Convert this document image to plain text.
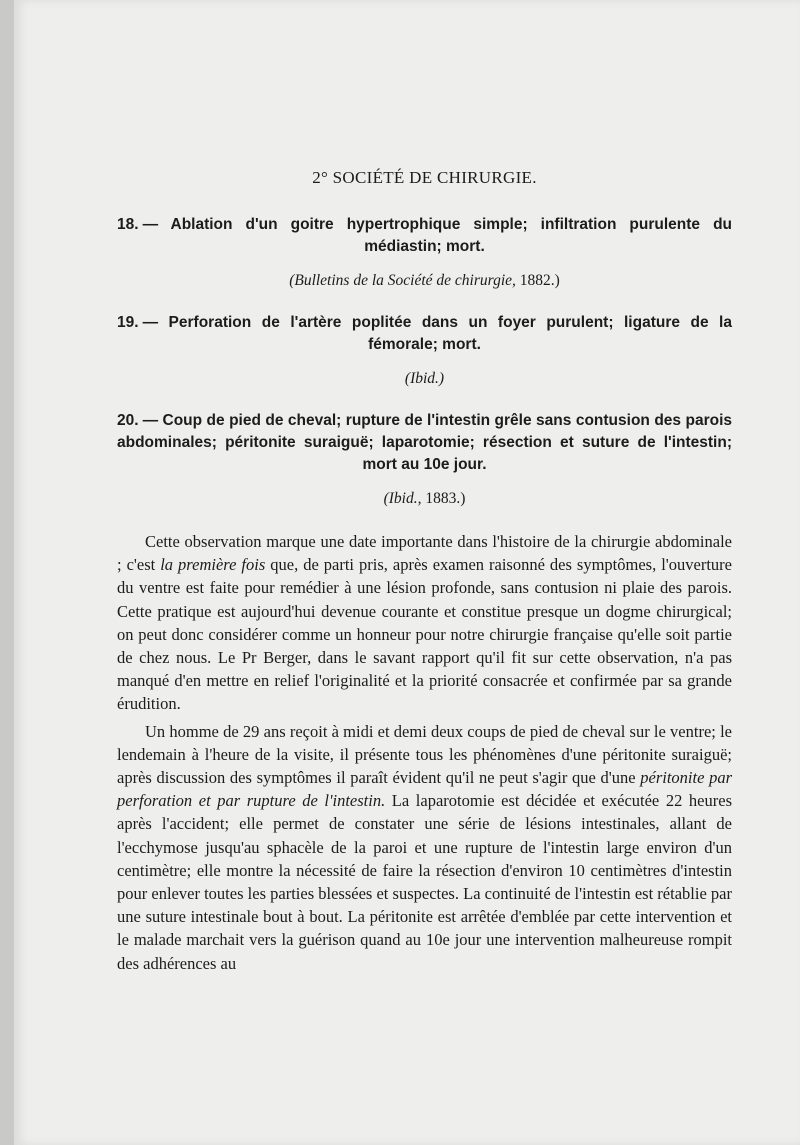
2° SOCIÉTÉ DE CHIRURGIE.
18. — Ablation d'un goitre hypertrophique simple; infiltration purulente du médiastin; mort.
(Bulletins de la Société de chirurgie, 1882.)
19. — Perforation de l'artère poplitée dans un foyer purulent; ligature de la fémorale; mort.
(Ibid.)
20. — Coup de pied de cheval; rupture de l'intestin grêle sans contusion des parois abdominales; péritonite suraiguë; laparotomie; résection et suture de l'intestin; mort au 10e jour.
(Ibid., 1883.)

Cette observation marque une date importante dans l'histoire de la chirurgie abdominale ; c'est la première fois que, de parti pris, après examen raisonné des symptômes, l'ouverture du ventre est faite pour remédier à une lésion profonde, sans contusion ni plaie des parois. Cette pratique est aujourd'hui devenue courante et constitue presque un dogme chirurgical; on peut donc considérer comme un honneur pour notre chirurgie française qu'elle soit partie de chez nous. Le Pr Berger, dans le savant rapport qu'il fit sur cette observation, n'a pas manqué d'en mettre en relief l'originalité et la priorité consacrée et confirmée par sa grande érudition.

Un homme de 29 ans reçoit à midi et demi deux coups de pied de cheval sur le ventre; le lendemain à l'heure de la visite, il présente tous les phénomènes d'une péritonite suraiguë; après discussion des symptômes il paraît évident qu'il ne peut s'agir que d'une péritonite par perforation et par rupture de l'intestin. La laparotomie est décidée et exécutée 22 heures après l'accident; elle permet de constater une série de lésions intestinales, allant de l'ecchymose jusqu'au sphacèle de la paroi et une rupture de l'intestin large environ d'un centimètre; elle montre la nécessité de faire la résection d'environ 10 centimètres d'intestin pour enlever toutes les parties blessées et suspectes. La continuité de l'intestin est rétablie par une suture intestinale bout à bout. La péritonite est arrêtée d'emblée par cette intervention et le malade marchait vers la guérison quand au 10e jour une intervention malheureuse rompit des adhérences au
